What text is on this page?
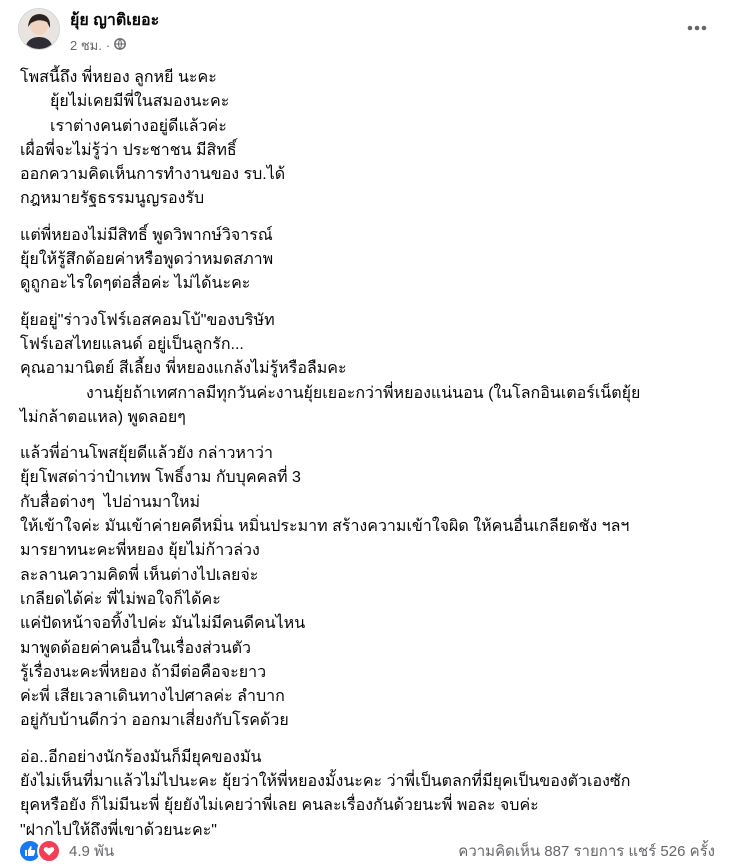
ยุ้ย ญาติเยอะ
2 ชม. ·
โพสนี้ถึง พี่หยอง ลูกหยี นะคะ
ยุ้ยไม่เคยมีพี่ในสมองนะคะ
เราต่างคนต่างอยู่ดีแล้วค่ะ
เผื่อพี่จะไม่รู้ว่า ประชาชน มีสิทธิ์
ออกความคิดเห็นการทำงานของ รบ.ได้
กฎหมายรัฐธรรมนูญรองรับ
แต่พี่หยองไม่มีสิทธิ์ พูดวิพากษ์วิจารณ์
ยุ้ยให้รู้สึกด้อยค่าหรือพูดว่าหมดสภาพ
ดูถูกอะไรใดๆต่อสื่อค่ะ ไม่ได้นะคะ
ยุ้ยอยู่"ร่าวงโฟร์เอสคอมโบ้"ของบริษัท
โฟร์เอสไทยแลนด์ อยู่เป็นลูกรัก...
คุณอามานิตย์ สีเลี้ยง พี่หยองแกล้งไม่รู้หรือลืมคะ
งานยุ้ยถ้าเทศกาลมีทุกวันค่ะงานยุ้ยเยอะกว่าพี่หยองแน่นอน (ในโลกอินเตอร์เน็ตยุ้ย
ไม่กล้าตอแหล) พูดลอยๆ
แล้วพี่อ่านโพสยุ้ยดีแล้วยัง กล่าวหาว่า
ยุ้ยโพสด่าว่าป๋าเทพ โพธิ์งาม กับบุคคลที่ 3
กับสื่อต่างๆ  ไปอ่านมาใหม่
ให้เข้าใจค่ะ มันเข้าค่ายคดีหมิ่น หมิ่นประมาท สร้างความเข้าใจผิด ให้คนอื่นเกลียดชัง ฯลฯ
มารยาทนะคะพี่หยอง ยุ้ยไม่ก้าวล่วง
ละลานความคิดพี่ เห็นต่างไปเลยจ่ะ
เกลียดได้ค่ะ พี่ไม่พอใจก็ได้คะ
แค่ปัดหน้าจอทิ้งไปค่ะ มันไม่มีคนดีคนไหน
มาพูดด้อยค่าคนอื่นในเรื่องส่วนตัว
รู้เรื่องนะคะพี่หยอง ถ้ามีต่อคือจะยาว
ค่ะพี่ เสียเวลาเดินทางไปศาลค่ะ ลำบาก
อยู่กับบ้านดีกว่า ออกมาเสี่ยงกับโรคด้วย
อ่อ..อีกอย่างนักร้องมันก็มียุคของมัน
ยังไม่เห็นที่มาแล้วไม่ไปนะคะ ยุ้ยว่าให้พี่หยองมั้งนะคะ ว่าพี่เป็นตลกที่มียุคเป็นของตัวเองซัก
ยุคหรือยัง ก็ไม่มีนะพี่ ยุ้ยยังไม่เคยว่าพี่เลย คนละเรื่องกันด้วยนะพี่ พอละ จบค่ะ
"ฝากไปให้ถึงพี่เขาด้วยนะคะ"
4.9 พัน	ความคิดเห็น 887 รายการ แชร์ 526 ครั้ง
